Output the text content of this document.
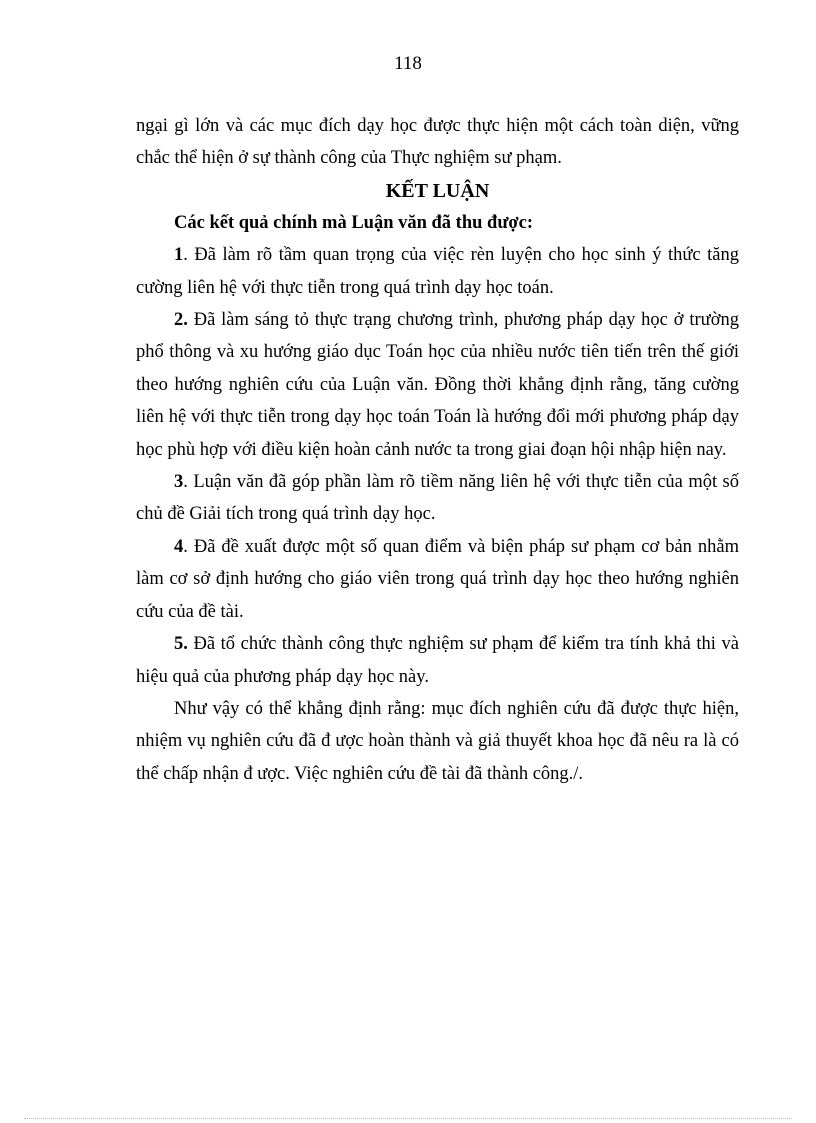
118

ngại gì lớn và các mục đích dạy học được thực hiện một cách toàn diện, vững chắc thể hiện ở sự thành công của Thực nghiệm sư phạm.

KẾT LUẬN

Các kết quả chính mà Luận văn đã thu được:

1. Đã làm rõ tầm quan trọng của việc rèn luyện cho học sinh ý thức tăng cường liên hệ với thực tiễn trong quá trình dạy học toán.

2. Đã làm sáng tỏ thực trạng chương trình, phương pháp dạy học ở trường phổ thông và xu hướng giáo dục Toán học của nhiều nước tiên tiến trên thế giới theo hướng nghiên cứu của Luận văn. Đồng thời khẳng định rằng, tăng cường liên hệ với thực tiễn trong dạy học toán Toán là hướng đổi mới phương pháp dạy học phù hợp với điều kiện hoàn cảnh nước ta trong giai đoạn hội nhập hiện nay.

3. Luận văn đã góp phần làm rõ tiềm năng liên hệ với thực tiễn của một số chủ đề Giải tích trong quá trình dạy học.

4. Đã đề xuất được một số quan điểm và biện pháp sư phạm cơ bản nhằm làm cơ sở định hướng cho giáo viên trong quá trình dạy học theo hướng nghiên cứu của đề tài.

5. Đã tổ chức thành công thực nghiệm sư phạm để kiểm tra tính khả thi và hiệu quả của phương pháp dạy học này.

Như vậy có thể khẳng định rằng: mục đích nghiên cứu đã được thực hiện, nhiệm vụ nghiên cứu đã đ ược hoàn thành và giả thuyết khoa học đã nêu ra là có thể chấp nhận đ ược. Việc nghiên cứu đề tài đã thành công./.
